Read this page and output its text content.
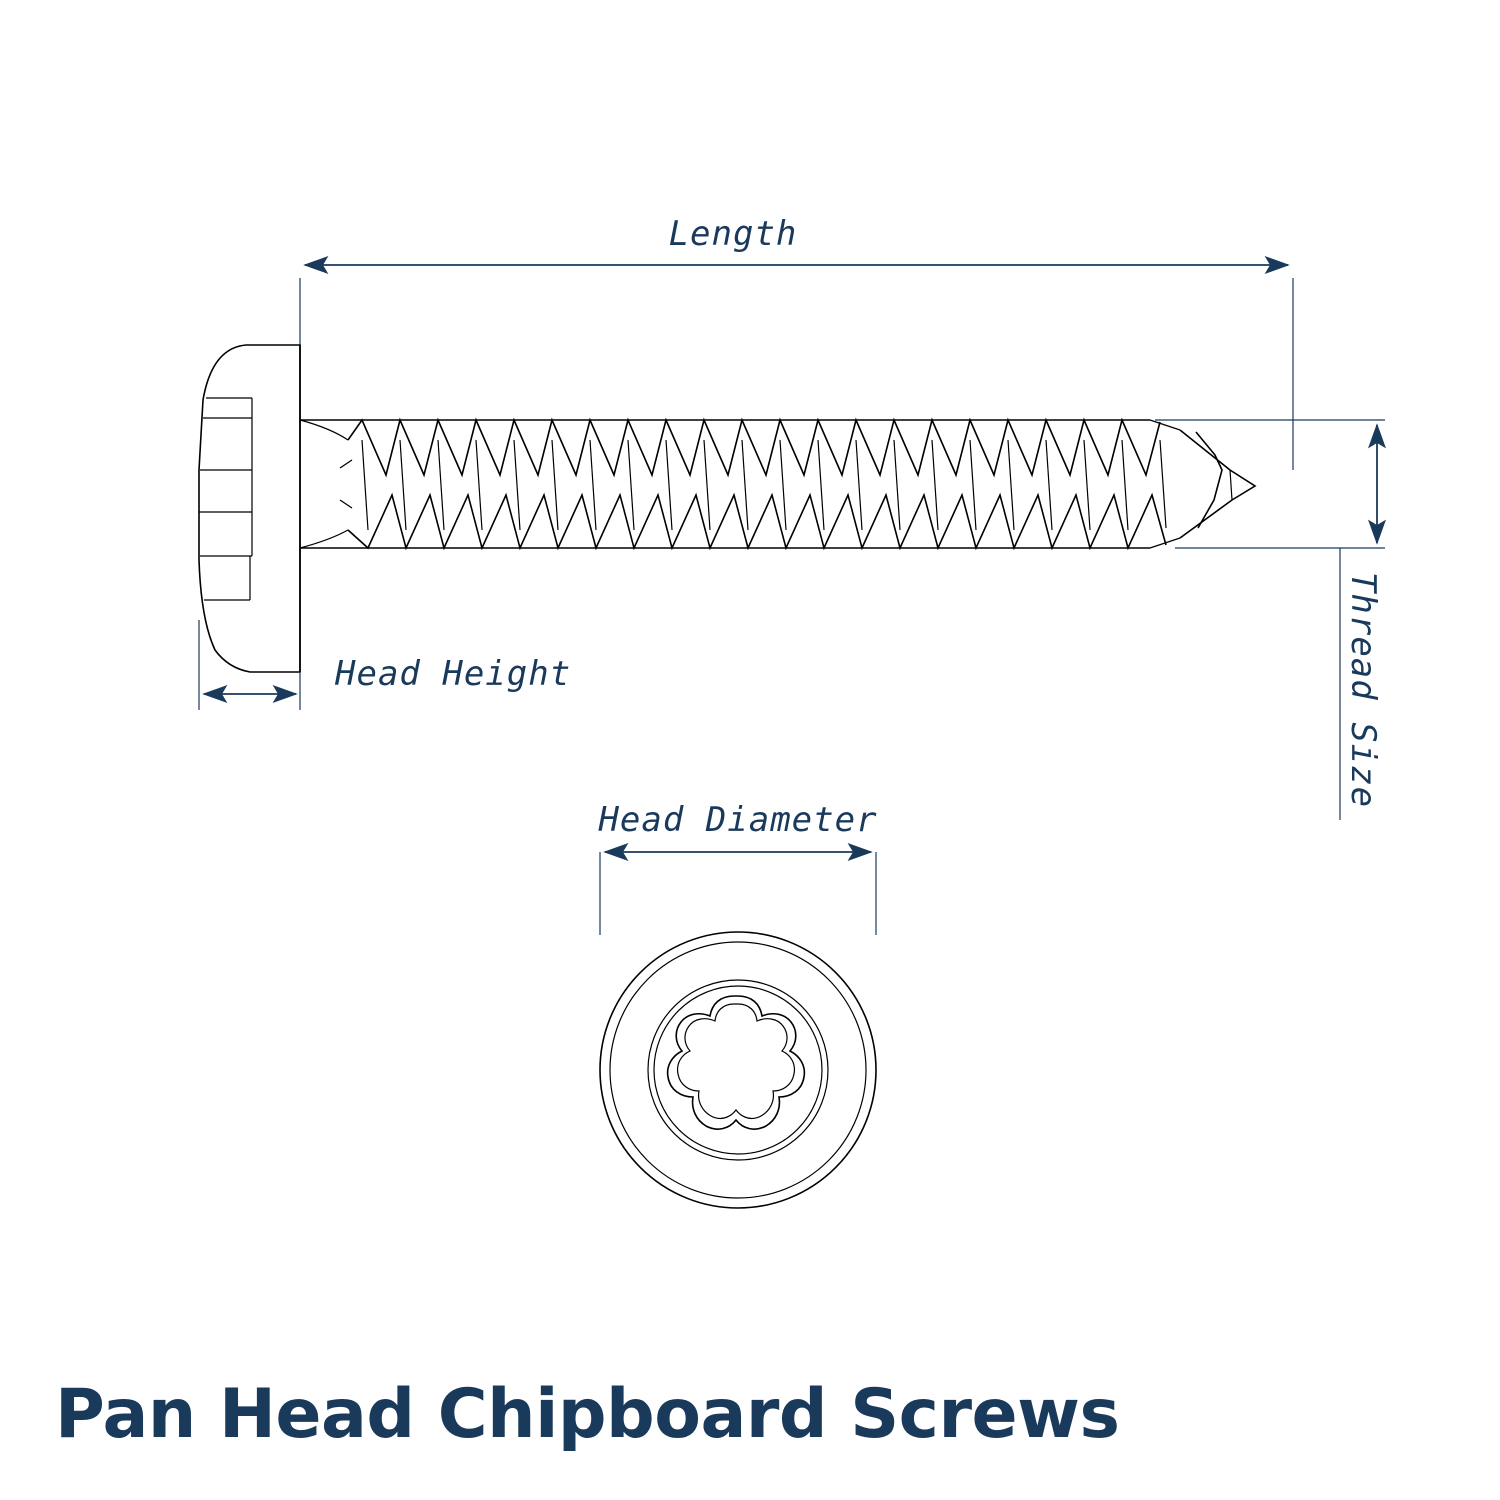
Length
Head Height	Thread Size
Head Diameter
Pan Head Chipboard Screws
